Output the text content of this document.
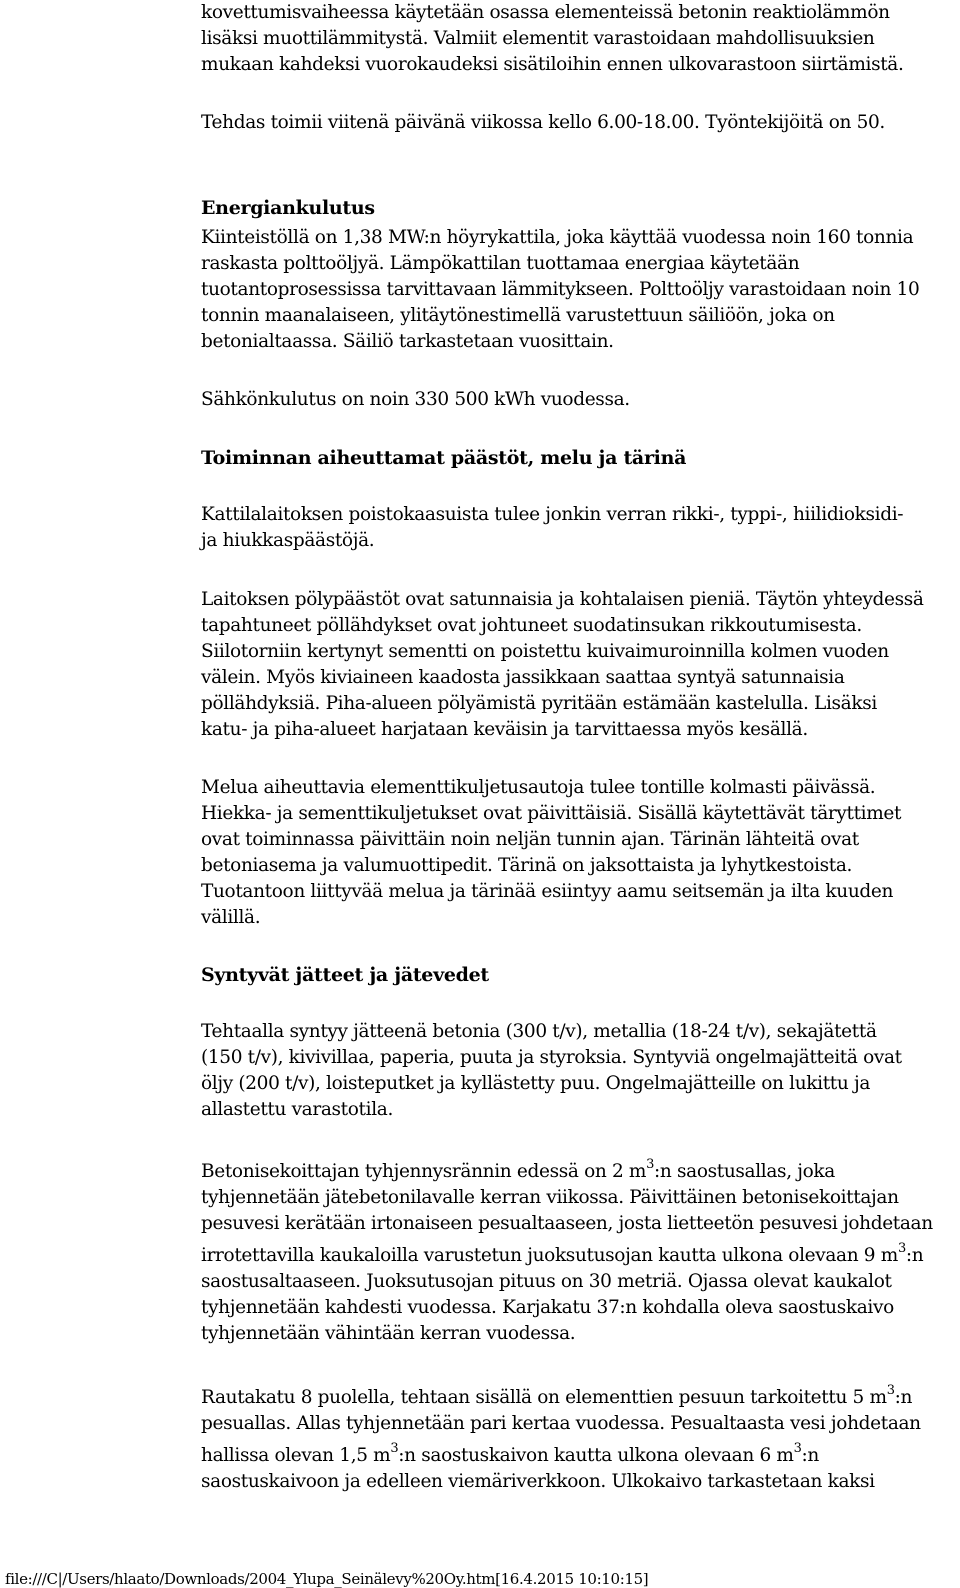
kovettumisvaiheessa käytetään osassa elementeissä betonin reaktiolämmön
lisäksi muottilämmitystä. Valmiit elementit varastoidaan mahdollisuuksien
mukaan kahdeksi vuorokaudeksi sisätiloihin ennen ulkovarastoon siirtämistä.
Tehdas toimii viitenä päivänä viikossa kello 6.00-18.00. Työntekijöitä on 50.
Energiankulutus
Kiinteistöllä on 1,38 MW:n höyrykattila, joka käyttää vuodessa noin 160 tonnia
raskasta polttoöljyä. Lämpökattilan tuottamaa energiaa käytetään
tuotantoprosessissa tarvittavaan lämmitykseen. Polttoöljy varastoidaan noin 10
tonnin maanalaiseen, ylitäytönestimellä varustettuun säiliöön, joka on
betonialtaassa. Säiliö tarkastetaan vuosittain.
Sähkönkulutus on noin 330 500 kWh vuodessa.
Toiminnan aiheuttamat päästöt, melu ja tärinä
Kattilalaitoksen poistokaasuista tulee jonkin verran rikki-, typpi-, hiilidioksidi-
ja hiukkaspäästöjä.
Laitoksen pölypäästöt ovat satunnaisia ja kohtalaisen pieniä. Täytön yhteydessä
tapahtuneet pöllähdykset ovat johtuneet suodatinsukan rikkoutumisesta.
Siilotorniin kertynyt sementti on poistettu kuivaimuroinnilla kolmen vuoden
välein. Myös kiviaineen kaadosta jassikkaan saattaa syntyä satunnaisia
pöllähdyksiä. Piha-alueen pölyämistä pyritään estämään kastelulla. Lisäksi
katu- ja piha-alueet harjataan keväisin ja tarvittaessa myös kesällä.
Melua aiheuttavia elementtikuljetusautoja tulee tontille kolmasti päivässä.
Hiekka- ja sementtikuljetukset ovat päivittäisiä. Sisällä käytettävät täryttimet
ovat toiminnassa päivittäin noin neljän tunnin ajan. Tärinän lähteitä ovat
betoniasema ja valumuottipedit. Tärinä on jaksottaista ja lyhytkestoista.
Tuotantoon liittyvää melua ja tärinää esiintyy aamu seitsemän ja ilta kuuden
välillä.
Syntyvät jätteet ja jätevedet
Tehtaalla syntyy jätteenä betonia (300 t/v), metallia (18-24 t/v), sekajätettä
(150 t/v), kivivillaa, paperia, puuta ja styroksia. Syntyviä ongelmajätteitä ovat
öljy (200 t/v), loisteputket ja kyllästetty puu. Ongelmajätteille on lukittu ja
allastettu varastotila.
Betonisekoittajan tyhjennysrännin edessä on 2 $m^3:n$ saostusallas, joka
tyhjennetään jätebetonilavalle kerran viikossa. Päivittäinen betonisekoittajan
pesuvesi kerätään irtonaiseen pesualtaaseen, josta lietteetön pesuvesi johdetaan
irrotettavilla kaukaloilla varustetun juoksutusojan kautta ulkona olevaan 9 $m^3:n$
saostusaltaaseen. Juoksutusojan pituus on 30 metriä. Ojassa olevat kaukalot
tyhjennetään kahdesti vuodessa. Karjakatu 37:n kohdalla oleva saostuskaivo
tyhjennetään vähintään kerran vuodessa.
Rautakatu 8 puolella, tehtaan sisällä on elementtien pesuun tarkoitettu 5 $m^3:n$
pesuallas. Allas tyhjennetään pari kertaa vuodessa. Pesualtaasta vesi johdetaan
hallissa olevan 1,5 $m^3:n$ saostuskaivon kautta ulkona olevaan 6 $m^3:n$
saostuskaivoon ja edelleen viemäriverkkoon. Ulkokaivo tarkastetaan kaksi
file:///C|/Users/hlaato/Downloads/2004_Ylupa_Seinälevy%20Oy.htm[16.4.2015 10:10:15]
